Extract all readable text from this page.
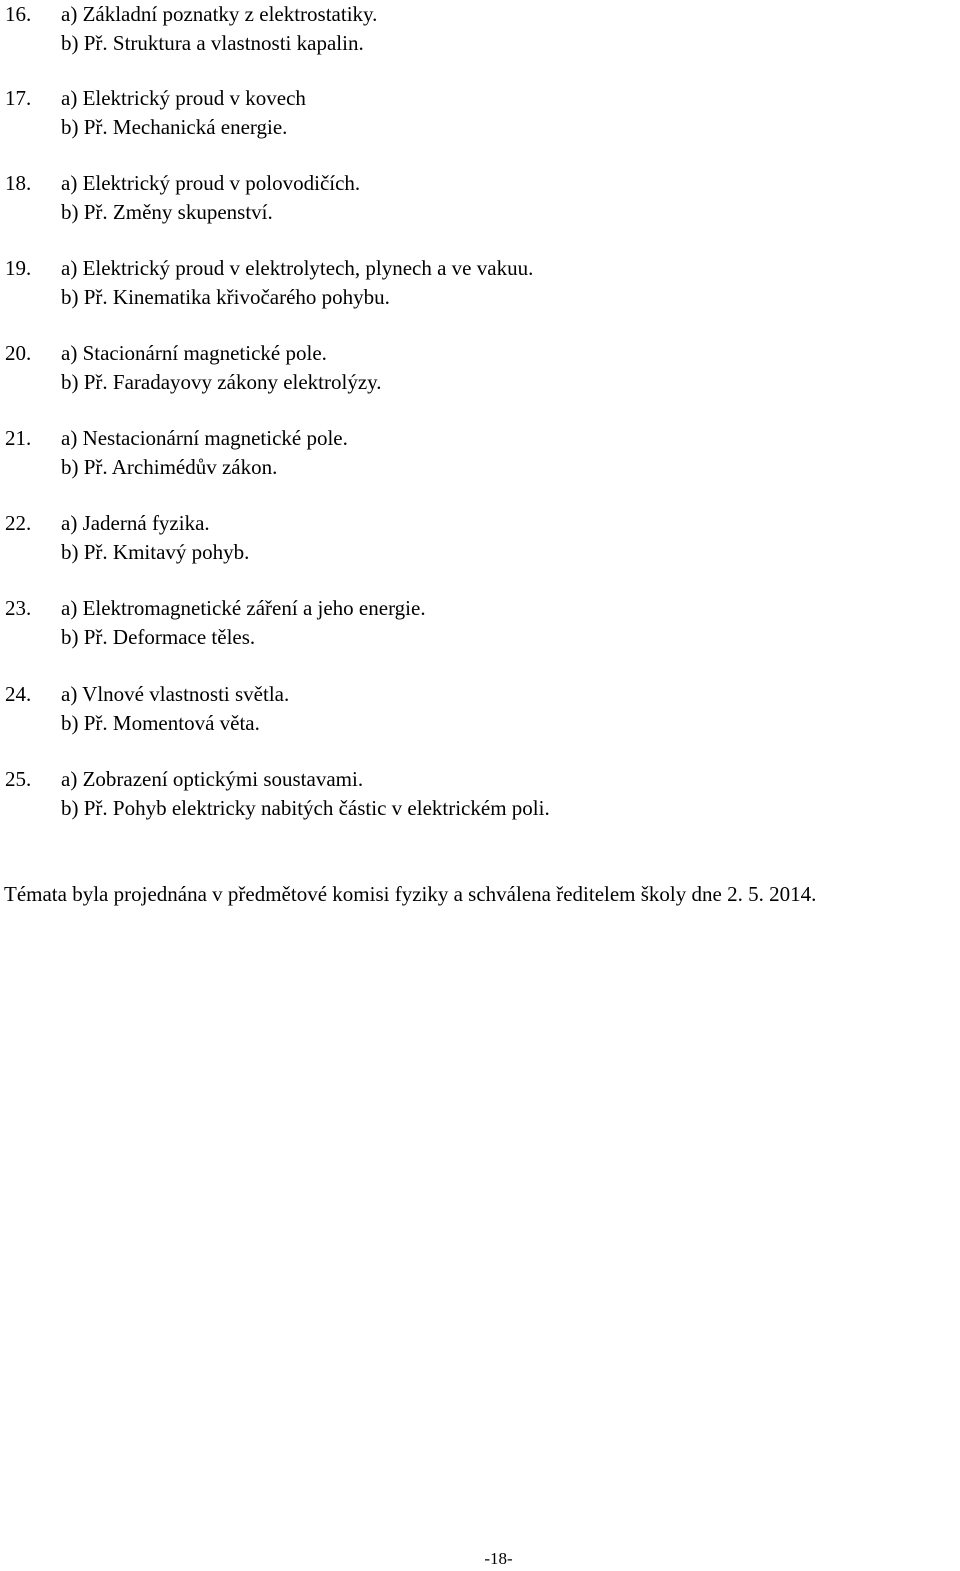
16. a) Základní poznatky z elektrostatiky.
b) Př. Struktura a vlastnosti kapalin.
17. a) Elektrický proud v kovech
b) Př. Mechanická energie.
18. a) Elektrický proud v polovodičích.
b) Př. Změny skupenství.
19. a) Elektrický proud v elektrolytech, plynech a ve vakuu.
b) Př. Kinematika křivočarého pohybu.
20. a) Stacionární magnetické pole.
b) Př. Faradayovy zákony elektrolýzy.
21. a) Nestacionární magnetické pole.
b) Př. Archimédův zákon.
22. a) Jaderná fyzika.
b) Př. Kmitavý pohyb.
23. a) Elektromagnetické záření a jeho energie.
b) Př. Deformace těles.
24. a) Vlnové vlastnosti světla.
b) Př. Momentová věta.
25. a) Zobrazení optickými soustavami.
b) Př. Pohyb elektricky nabitých částic v elektrickém poli.
Témata byla projednána v předmětové komisi fyziky a schválena ředitelem školy dne 2. 5. 2014.
-18-
